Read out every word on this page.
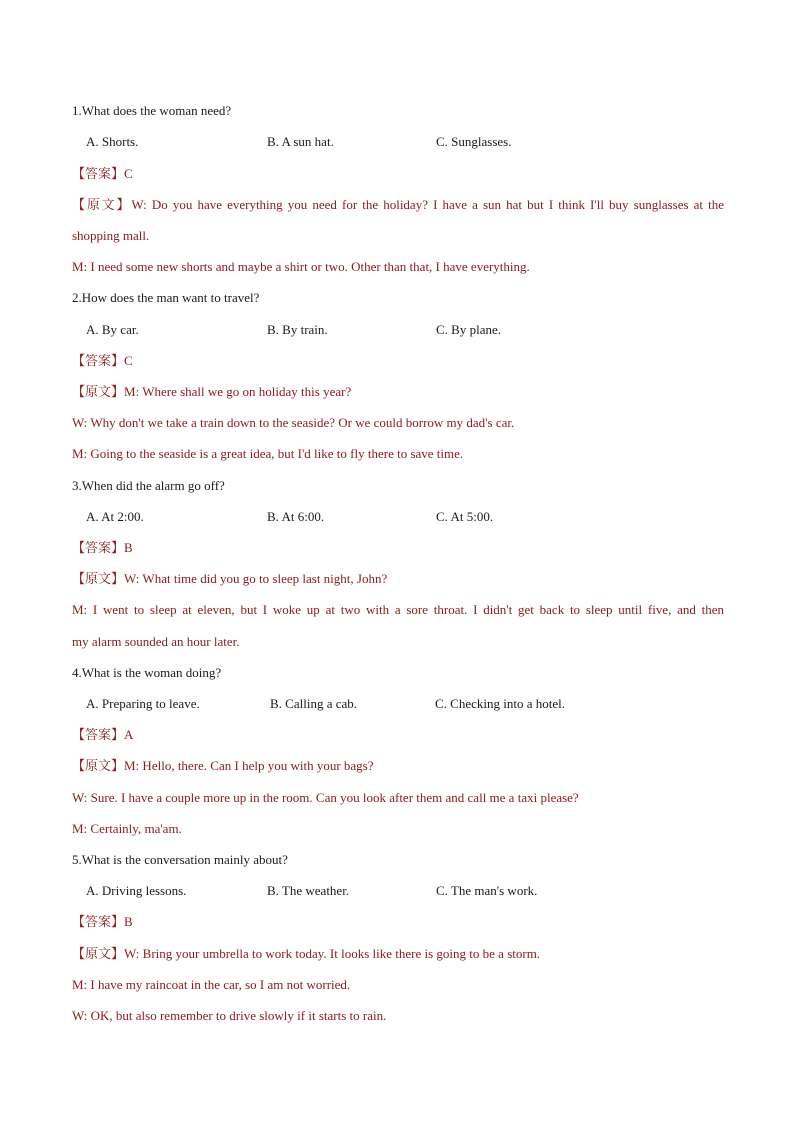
1.What does the woman need?
A. Shorts.	B. A sun hat.	C. Sunglasses.
【答案】C
【原文】W: Do you have everything you need for the holiday? I have a sun hat but I think I'll buy sunglasses at the
shopping mall.
M: I need some new shorts and maybe a shirt or two. Other than that, I have everything.
2.How does the man want to travel?
A. By car.	B. By train.	C. By plane.
【答案】C
【原文】M: Where shall we go on holiday this year?
W: Why don't we take a train down to the seaside? Or we could borrow my dad's car.
M: Going to the seaside is a great idea, but I'd like to fly there to save time.
3.When did the alarm go off?
A. At 2:00.	B. At 6:00.	C. At 5:00.
【答案】B
【原文】W: What time did you go to sleep last night, John?
M: I went to sleep at eleven, but I woke up at two with a sore throat. I didn't get back to sleep until five, and then
my alarm sounded an hour later.
4.What is the woman doing?
A. Preparing to leave.	B. Calling a cab.	C. Checking into a hotel.
【答案】A
【原文】M: Hello, there. Can I help you with your bags?
W: Sure. I have a couple more up in the room. Can you look after them and call me a taxi please?
M: Certainly, ma'am.
5.What is the conversation mainly about?
A. Driving lessons.	B. The weather.	C. The man's work.
【答案】B
【原文】W: Bring your umbrella to work today. It looks like there is going to be a storm.
M: I have my raincoat in the car, so I am not worried.
W: OK, but also remember to drive slowly if it starts to rain.
